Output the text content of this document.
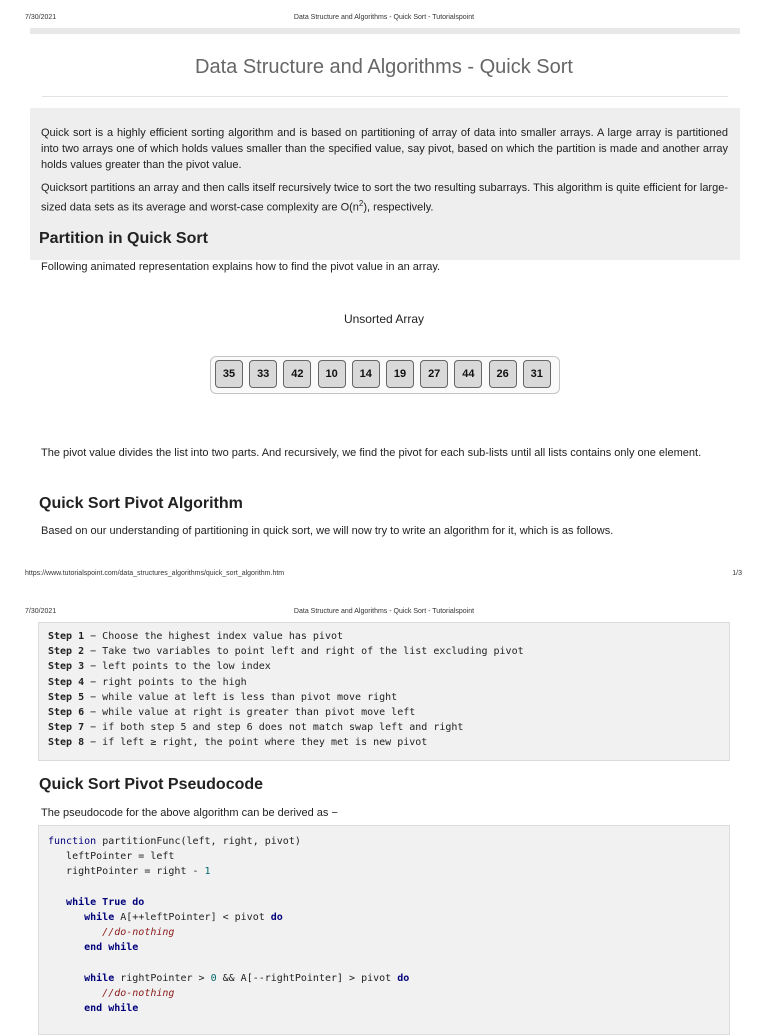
7/30/2021	Data Structure and Algorithms - Quick Sort - Tutorialspoint
Data Structure and Algorithms - Quick Sort
Quick sort is a highly efficient sorting algorithm and is based on partitioning of array of data into smaller arrays. A large array is partitioned into two arrays one of which holds values smaller than the specified value, say pivot, based on which the partition is made and another array holds values greater than the pivot value.
Quicksort partitions an array and then calls itself recursively twice to sort the two resulting subarrays. This algorithm is quite efficient for large-sized data sets as its average and worst-case complexity are $O(n^2)$, respectively.
Partition in Quick Sort
Following animated representation explains how to find the pivot value in an array.
Unsorted Array
35	33	42	10	14	19	27	44	26	31
The pivot value divides the list into two parts. And recursively, we find the pivot for each sub-lists until all lists contains only one element.
Quick Sort Pivot Algorithm
Based on our understanding of partitioning in quick sort, we will now try to write an algorithm for it, which is as follows.
https://www.tutorialspoint.com/data_structures_algorithms/quick_sort_algorithm.htm	1/3
7/30/2021	Data Structure and Algorithms - Quick Sort - Tutorialspoint
Step 1 − Choose the highest index value has pivot
Step 2 − Take two variables to point left and right of the list excluding pivot
Step 3 − left points to the low index
Step 4 − right points to the high
Step 5 − while value at left is less than pivot move right
Step 6 − while value at right is greater than pivot move left
Step 7 − if both step 5 and step 6 does not match swap left and right
Step 8 − if left ≥ right, the point where they met is new pivot
Quick Sort Pivot Pseudocode
The pseudocode for the above algorithm can be derived as −
function partitionFunc(left, right, pivot)
leftPointer = left
rightPointer = right - 1
while True do
while A[++leftPointer] < pivot do
//do-nothing
end while
while rightPointer > 0 && A[--rightPointer] > pivot do
//do-nothing
end while
